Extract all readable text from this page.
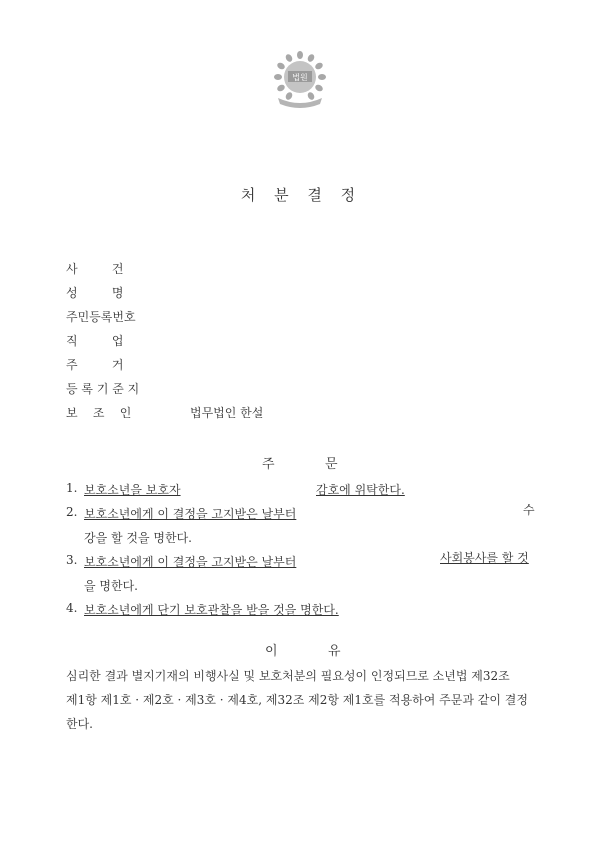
법원
처 분 결 정
사         건
성         명
주민등록번호
직         업
주         거
등 록 기 준 지
보    조    인	법무법인 한설
주	문
1. 보호소년을 보호자	감호에 위탁한다.
2. 보호소년에게 이 결정을 고지받은 날부터	수
강을 할 것을 명한다.
3. 보호소년에게 이 결정을 고지받은 날부터	사회봉사를 할 것
을 명한다.
4. 보호소년에게 단기 보호관찰을 받을 것을 명한다.
이	유
심리한 결과 별지기재의 비행사실 및 보호처분의 필요성이 인정되므로 소년법 제32조
제1항 제1호 · 제2호 · 제3호 · 제4호, 제32조 제2항 제1호를 적용하여 주문과 같이 결정
한다.
